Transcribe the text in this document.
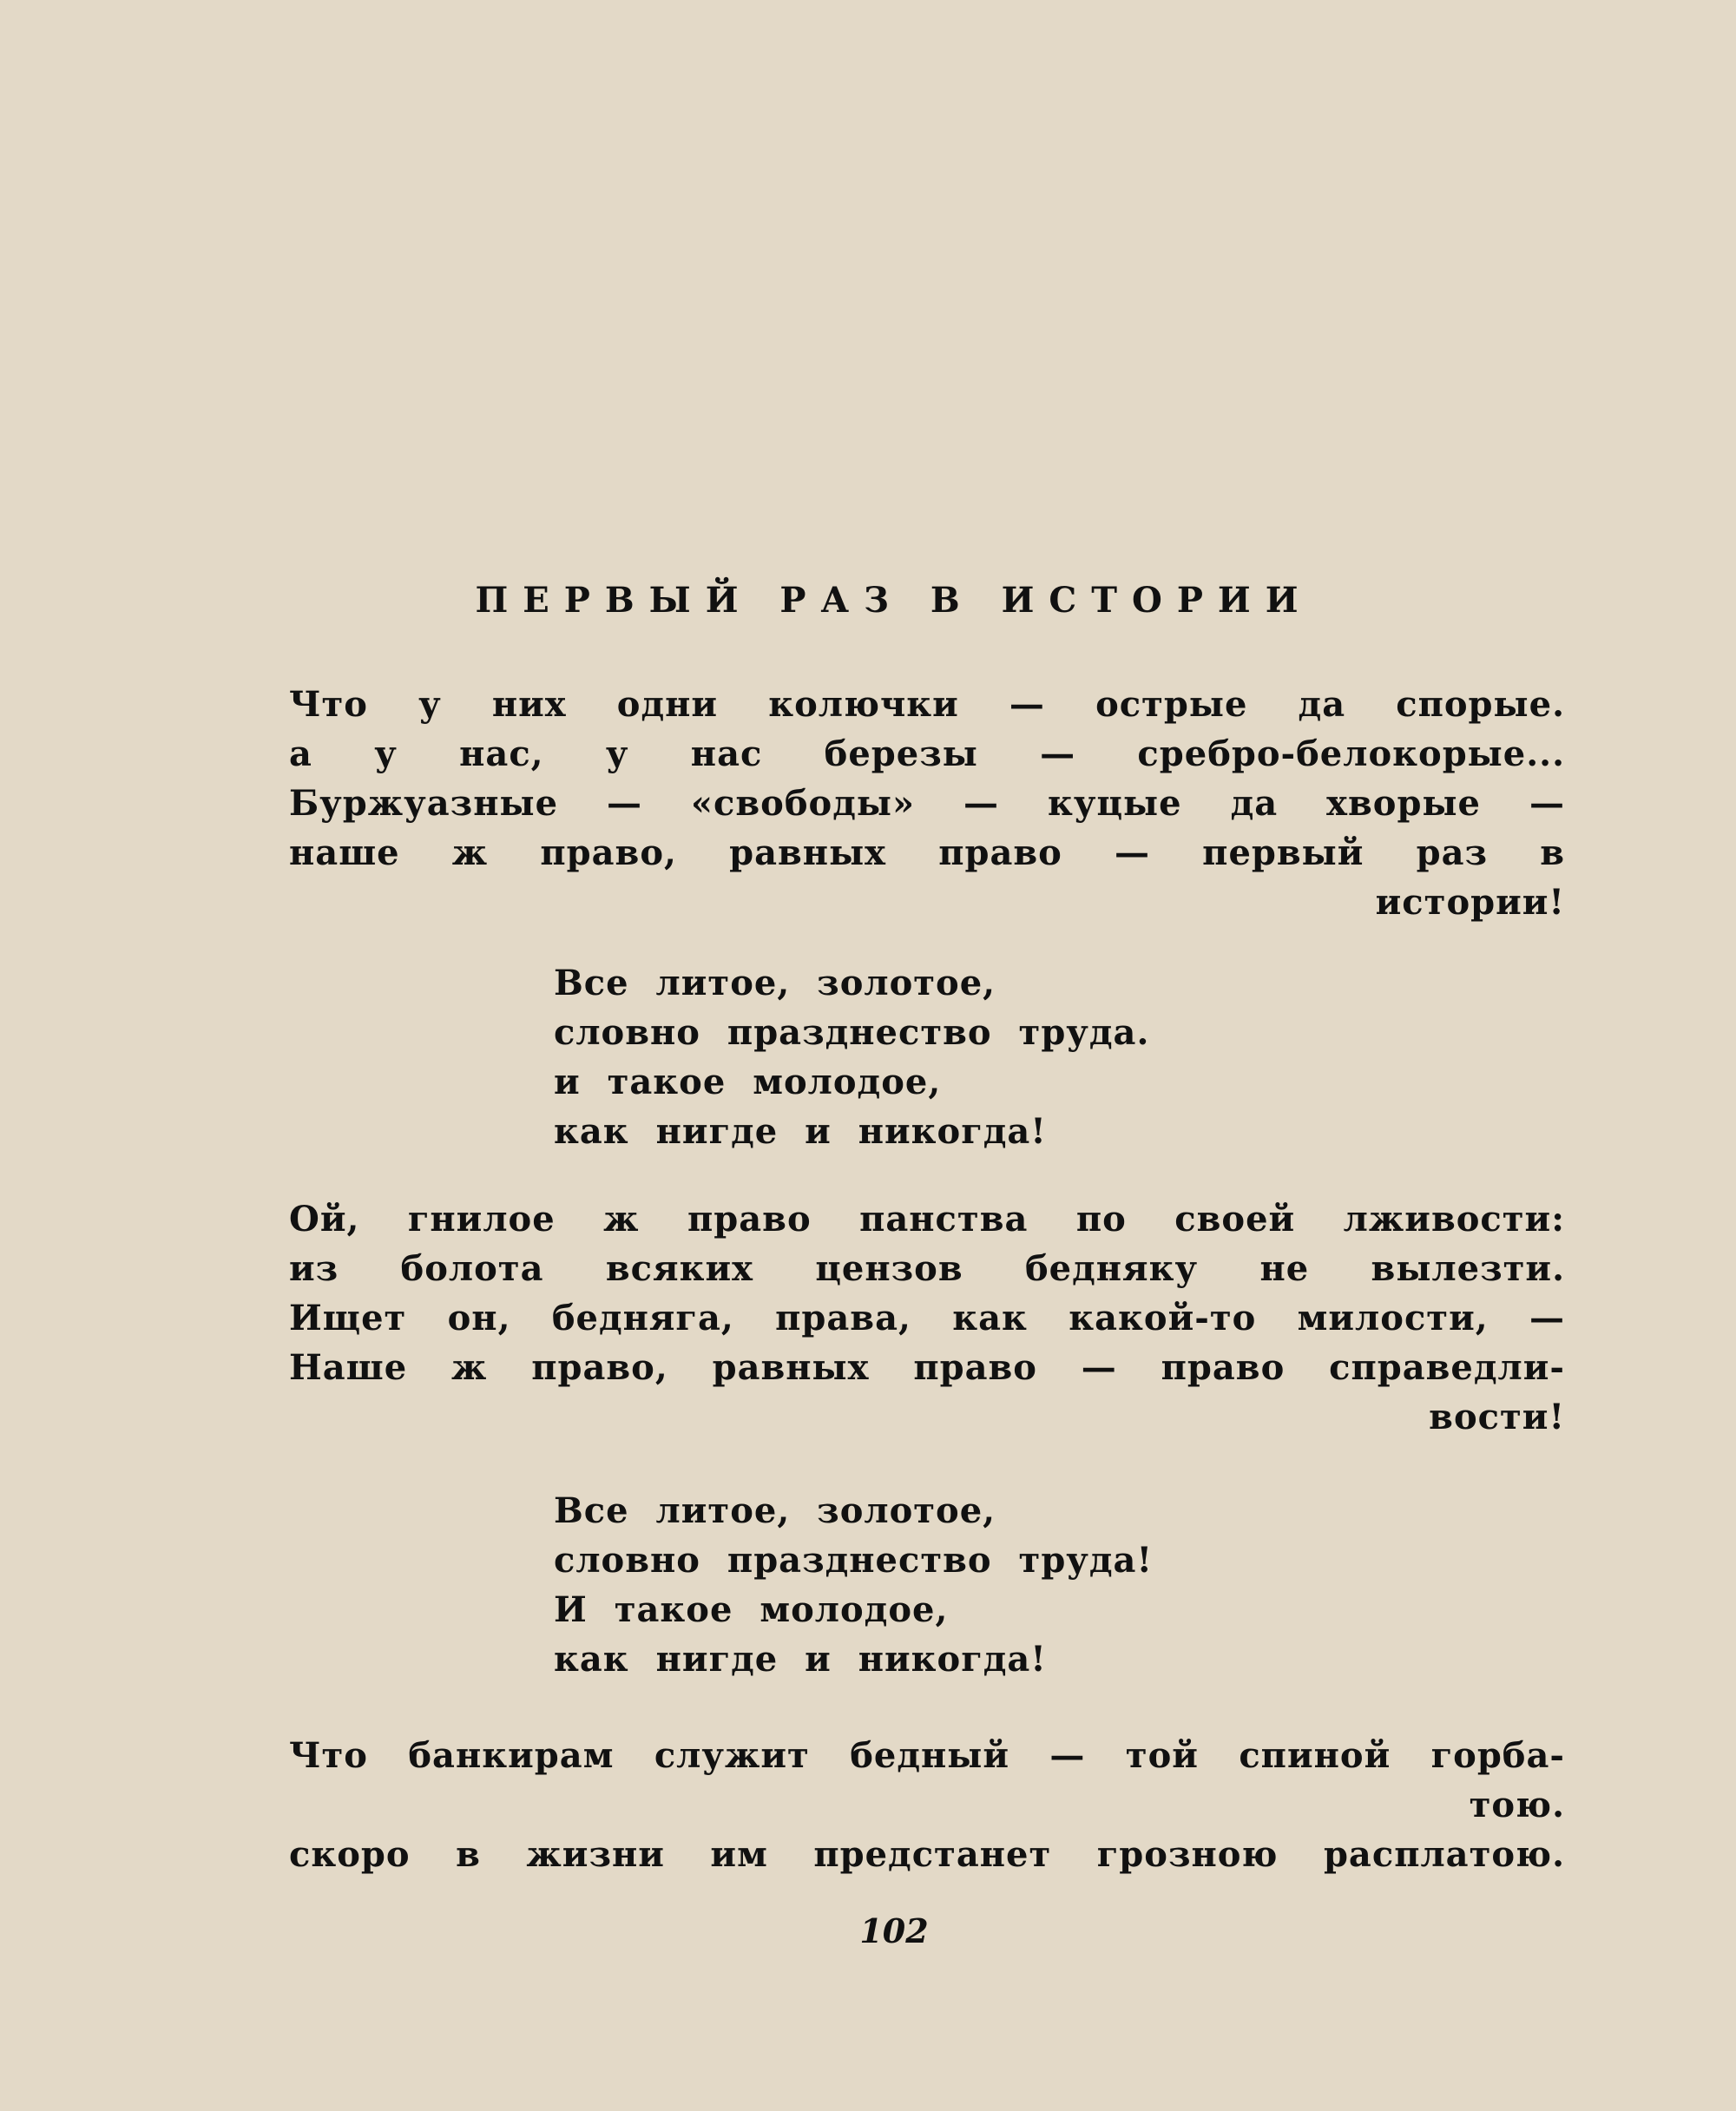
ПЕРВЫЙ РАЗ В ИСТОРИИ
Что у них одни колючки — острые да спорые.
а у нас, у нас березы — сребро-белокорые...
Буржуазные — «свободы» — куцые да хворые —
наше ж право, равных право — первый раз в
истории!
Все литое, золотое,
словно празднество труда.
и такое молодое,
как нигде и никогда!
Ой, гнилое ж право панства по своей лживости:
из болота всяких цензов бедняку не вылезти.
Ищет он, бедняга, права, как какой-то милости, —
Наше ж право, равных право — право справедли-
вости!
Все литое, золотое,
словно празднество труда!
И такое молодое,
как нигде и никогда!
Что банкирам служит бедный — той спиной горба-
тою.
скоро в жизни им предстанет грозною расплатою.
102
